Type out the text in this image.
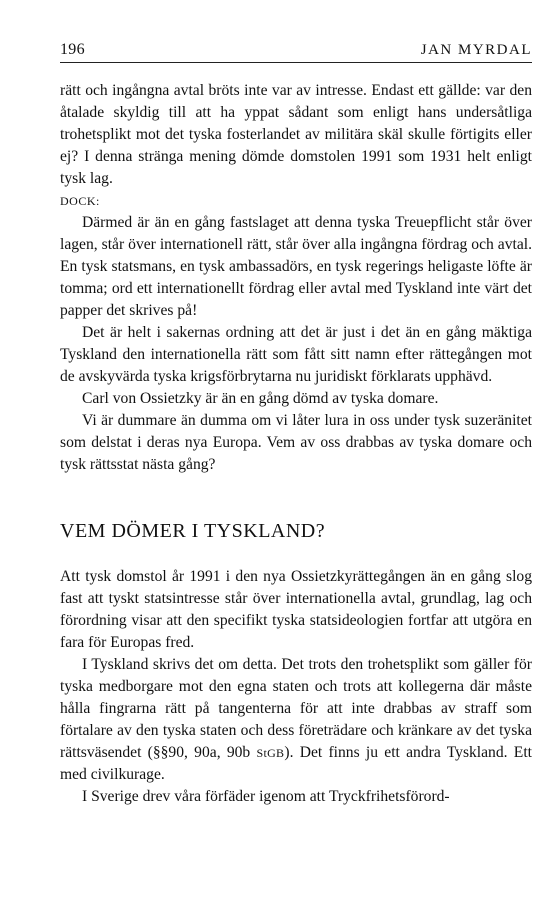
196	JAN MYRDAL

rätt och ingångna avtal bröts inte var av intresse. Endast ett gällde: var den åtalade skyldig till att ha yppat sådant som enligt hans undersåtliga trohetsplikt mot det tyska fosterlandet av militära skäl skulle förtigits eller ej? I denna stränga mening dömde domstolen 1991 som 1931 helt enligt tysk lag.

DOCK:

Därmed är än en gång fastslaget att denna tyska Treuepflicht står över lagen, står över internationell rätt, står över alla ingångna fördrag och avtal. En tysk statsmans, en tysk ambassadörs, en tysk regerings heligaste löfte är tomma; ord ett internationellt fördrag eller avtal med Tyskland inte värt det papper det skrives på!

Det är helt i sakernas ordning att det är just i det än en gång mäktiga Tyskland den internationella rätt som fått sitt namn efter rättegången mot de avskyvärda tyska krigsförbrytarna nu juridiskt förklarats upphävd.

Carl von Ossietzky är än en gång dömd av tyska domare.

Vi är dummare än dumma om vi låter lura in oss under tysk suzeränitet som delstat i deras nya Europa. Vem av oss drabbas av tyska domare och tysk rättsstat nästa gång?

VEM DÖMER I TYSKLAND?

Att tysk domstol år 1991 i den nya Ossietzkyrättegången än en gång slog fast att tyskt statsintresse står över internationella avtal, grundlag, lag och förordning visar att den specifikt tyska statsideologien fortfar att utgöra en fara för Europas fred.

I Tyskland skrivs det om detta. Det trots den trohetsplikt som gäller för tyska medborgare mot den egna staten och trots att kollegerna där måste hålla fingrarna rätt på tangenterna för att inte drabbas av straff som förtalare av den tyska staten och dess företrädare och kränkare av det tyska rättsväsendet (§§90, 90a, 90b StGB). Det finns ju ett andra Tyskland. Ett med civilkurage.

I Sverige drev våra förfäder igenom att Tryckfrihetsförord-
